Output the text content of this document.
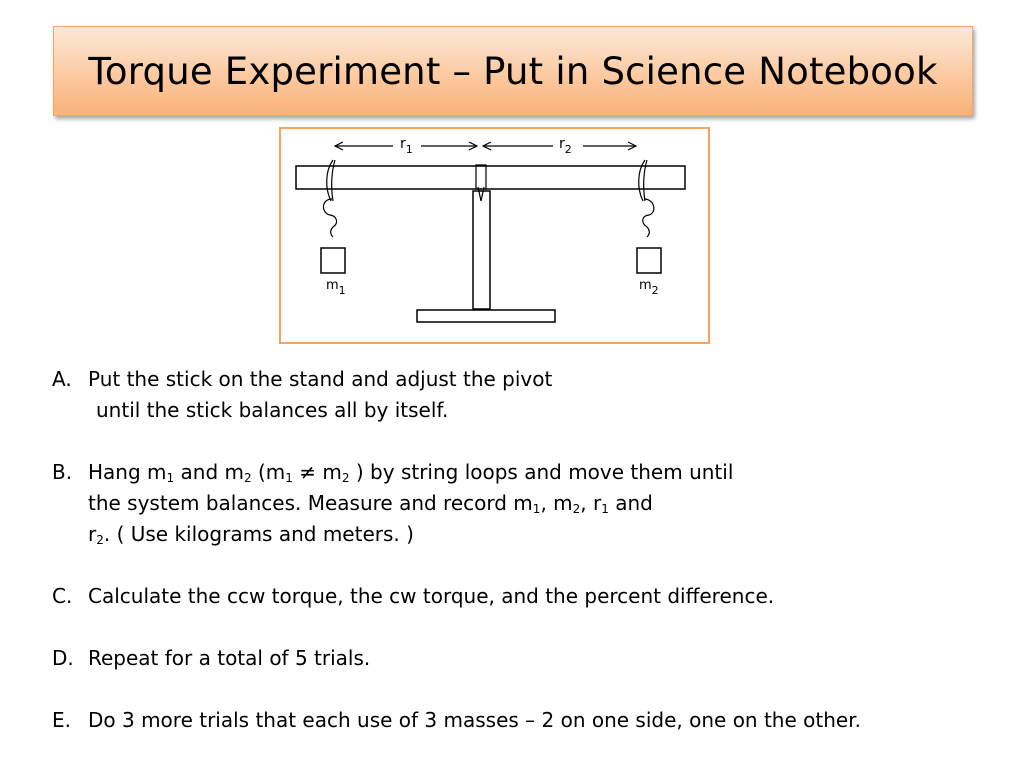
Torque Experiment – Put in Science Notebook
$r_1$	$r_2$
$m_1$	$m_2$
A. Put the stick on the stand and adjust the pivot
until the stick balances all by itself.
B. Hang $m_1$ and $m_2$ ($m_1 \ne m_2$ ) by string loops and move them until
the system balances. Measure and record $m_1$, $m_2$, $r_1$ and
$r_2$. ( Use kilograms and meters. )
C. Calculate the ccw torque, the cw torque, and the percent difference.
D. Repeat for a total of 5 trials.
E. Do 3 more trials that each use of 3 masses – 2 on one side, one on the other.
